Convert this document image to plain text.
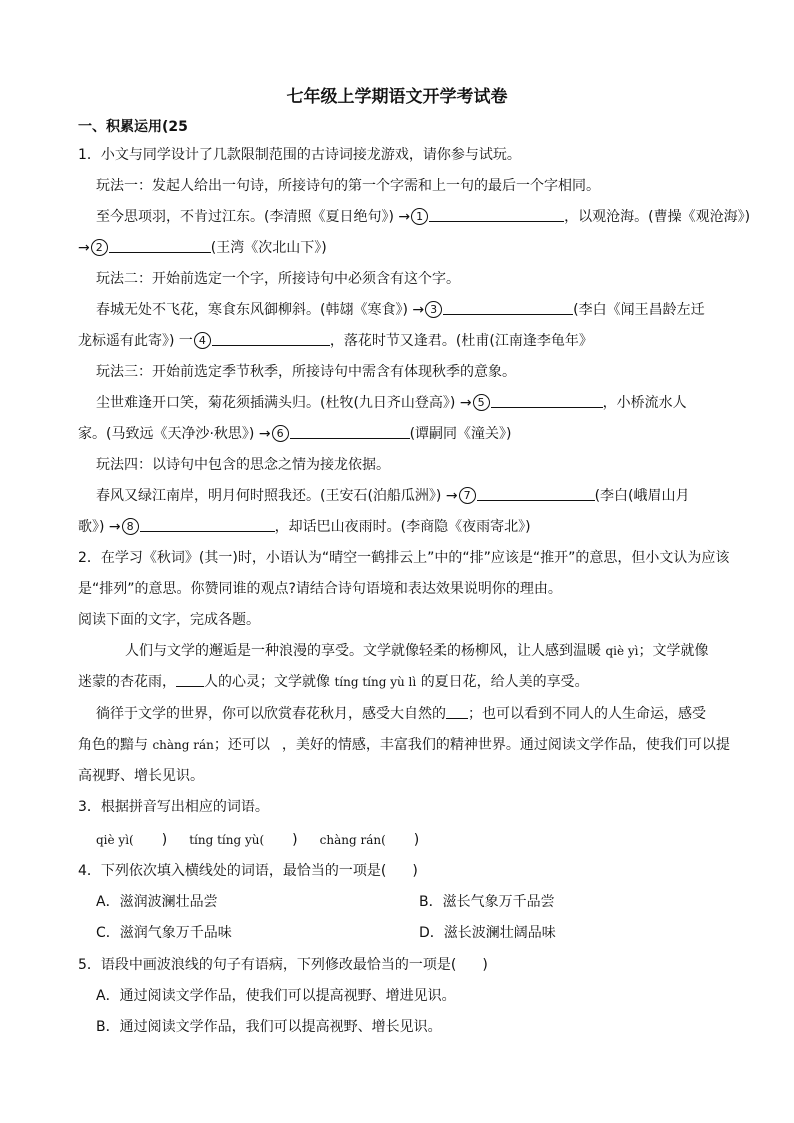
七年级上学期语文开学考试卷
一、积累运用(25
1．小文与同学设计了几款限制范围的古诗词接龙游戏，请你参与试玩。
玩法一：发起人给出一句诗，所接诗句的第一个字需和上一句的最后一个字相同。
至今思项羽，不肯过江东。(李清照《夏日绝句》) → 1	，以观沧海。(曹操《观沧海》)
→ 2	(王湾《次北山下》)
玩法二：开始前选定一个字，所接诗句中必须含有这个字。
春城无处不飞花，寒食东风御柳斜。(韩翃《寒食》) → 3	(李白《闻王昌龄左迁
龙标遥有此寄》) 一 4	，落花时节又逢君。(杜甫(江南逢李龟年》
玩法三：开始前选定季节秋季，所接诗句中需含有体现秋季的意象。
尘世难逢开口笑，菊花须插满头归。(杜牧(九日齐山登高》) → 5	，小桥流水人
家。(马致远《天净沙·秋思》) → 6	(谭嗣同《潼关》)
玩法四：以诗句中包含的思念之情为接龙依据。
春风又绿江南岸，明月何时照我还。(王安石(泊船瓜洲》) → 7	(李白(峨眉山月
歌》) → 8	，却话巴山夜雨时。(李商隐《夜雨寄北》)
2．在学习《秋词》(其一)时，小语认为“晴空一鹤排云上”中的“排”应该是“推开”的意思，但小文认为应该
是“排列”的意思。你赞同谁的观点?请结合诗句语境和表达效果说明你的理由。
阅读下面的文字，完成各题。
人们与文学的邂逅是一种浪漫的享受。文学就像轻柔的杨柳风，让人感到温暖 qiè yì；文学就像
迷蒙的杏花雨， 人的心灵；文学就像 tíng tíng yù lì 的夏日花，给人美的享受。
徜徉于文学的世界，你可以欣赏春花秋月，感受大自然的 ；也可以看到不同人的人生命运，感受
角色的黯与 chàng rán；还可以 ，美好的情感，丰富我们的精神世界。通过阅读文学作品，使我们可以提
高视野、增长见识。
3．根据拼音写出相应的词语。
qiè yì( ) tíng tíng yù( ) chàng rán( )
4．下列依次填入横线处的词语，最恰当的一项是( )
A．滋润波澜壮品尝	B．滋长气象万千品尝
C．滋润气象万千品味	D．滋长波澜壮阔品味
5．语段中画波浪线的句子有语病，下列修改最恰当的一项是( )
A．通过阅读文学作品，使我们可以提高视野、增进见识。
B．通过阅读文学作品，我们可以提高视野、增长见识。
